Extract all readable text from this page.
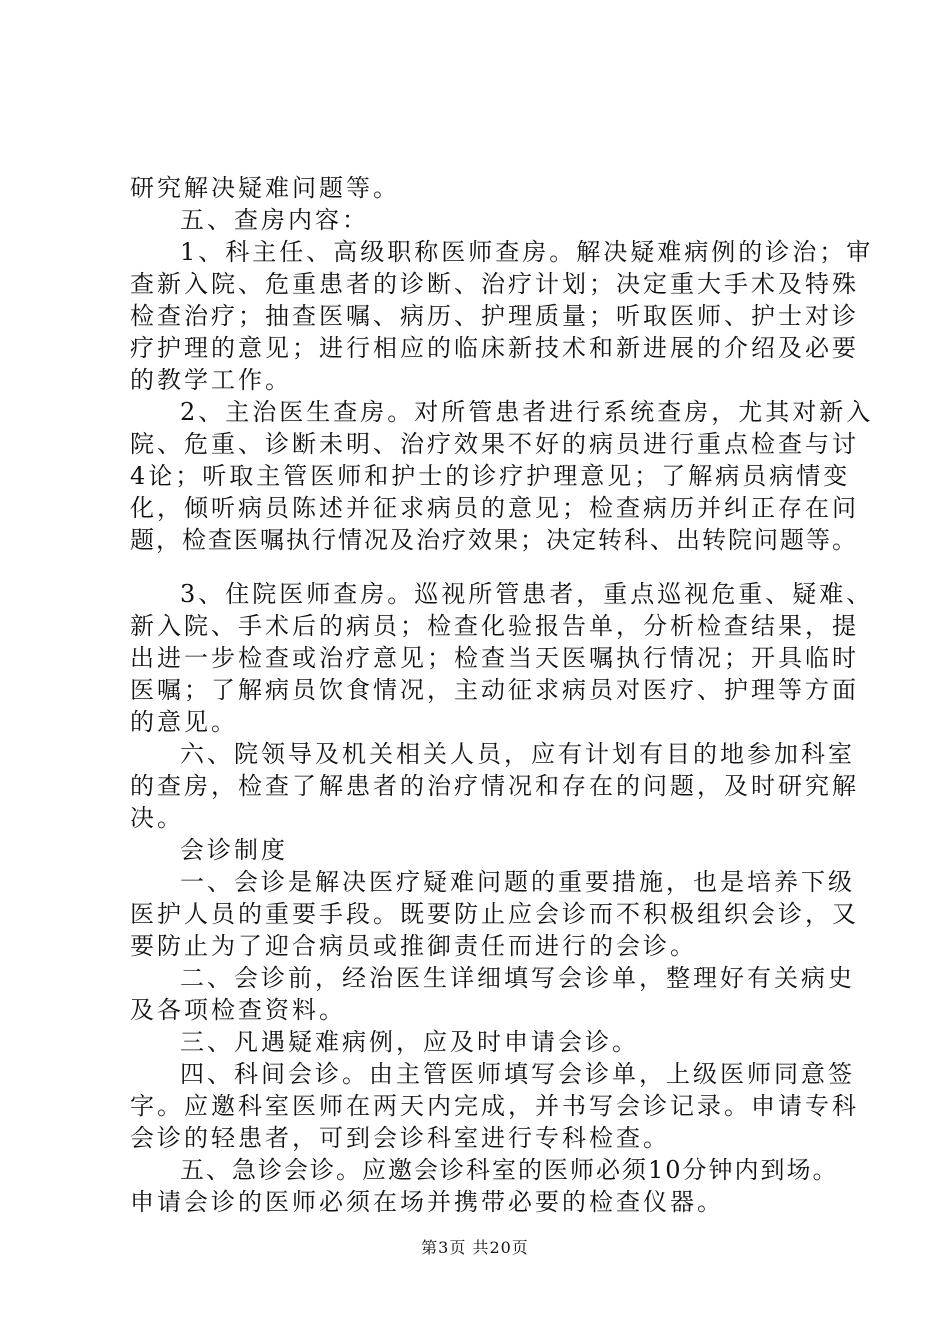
研究解决疑难问题等。
五、查房内容：
1、科主任、高级职称医师查房。解决疑难病例的诊治；审
查新入院、危重患者的诊断、治疗计划；决定重大手术及特殊
检查治疗；抽查医嘱、病历、护理质量；听取医师、护士对诊
疗护理的意见；进行相应的临床新技术和新进展的介绍及必要
的教学工作。
2、主治医生查房。对所管患者进行系统查房，尤其对新入
院、危重、诊断未明、治疗效果不好的病员进行重点检查与讨
4论；听取主管医师和护士的诊疗护理意见；了解病员病情变
化，倾听病员陈述并征求病员的意见；检查病历并纠正存在问
题，检查医嘱执行情况及治疗效果；决定转科、出转院问题等。
3、住院医师查房。巡视所管患者，重点巡视危重、疑难、
新入院、手术后的病员；检查化验报告单，分析检查结果，提
出进一步检查或治疗意见；检查当天医嘱执行情况；开具临时
医嘱；了解病员饮食情况，主动征求病员对医疗、护理等方面
的意见。
六、院领导及机关相关人员，应有计划有目的地参加科室
的查房，检查了解患者的治疗情况和存在的问题，及时研究解
决。
会诊制度
一、会诊是解决医疗疑难问题的重要措施，也是培养下级
医护人员的重要手段。既要防止应会诊而不积极组织会诊，又
要防止为了迎合病员或推御责任而进行的会诊。
二、会诊前，经治医生详细填写会诊单，整理好有关病史
及各项检查资料。
三、凡遇疑难病例，应及时申请会诊。
四、科间会诊。由主管医师填写会诊单，上级医师同意签
字。应邀科室医师在两天内完成，并书写会诊记录。申请专科
会诊的轻患者，可到会诊科室进行专科检查。
五、急诊会诊。应邀会诊科室的医师必须10分钟内到场。
申请会诊的医师必须在场并携带必要的检查仪器。
第3页 共20页
